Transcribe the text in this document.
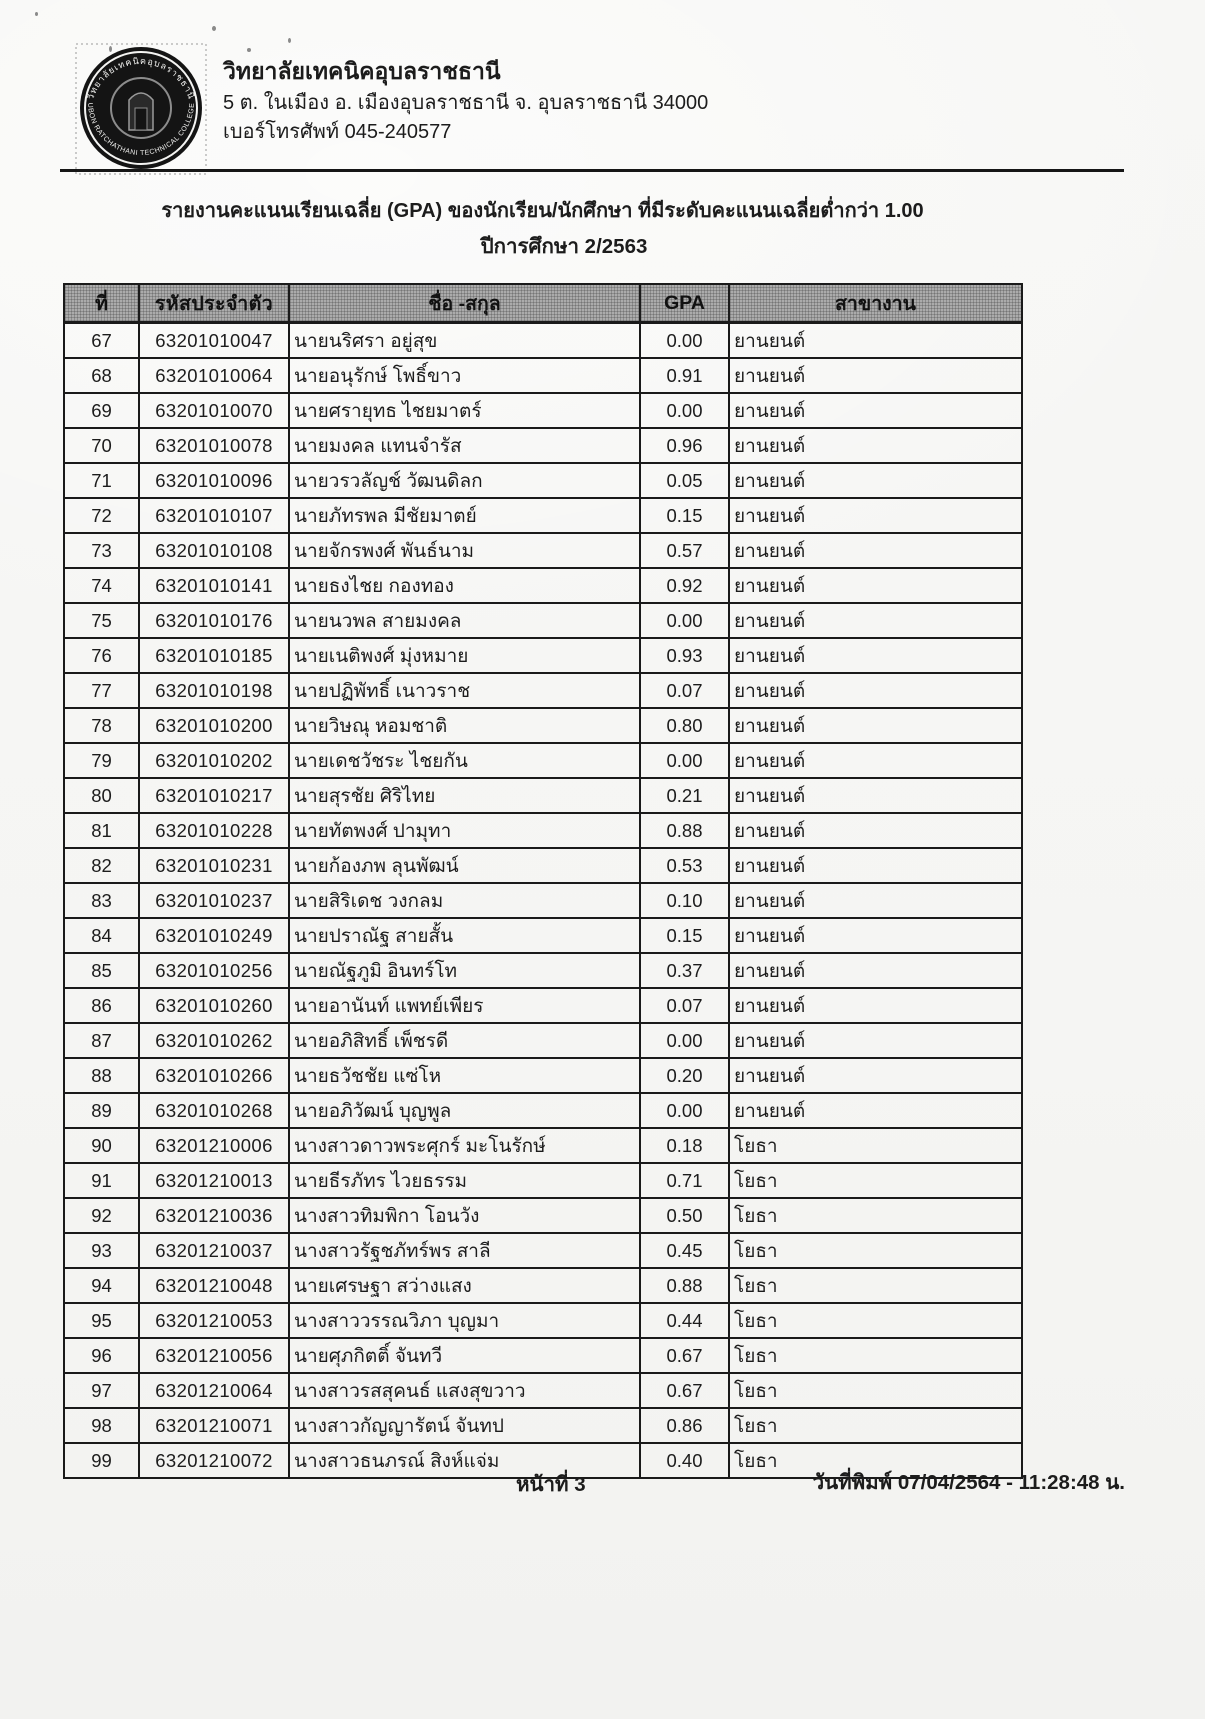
วิทยาลัยเทคนิคอุบลราชธานี
UBON RATCHATHANI TECHNICAL COLLEGE

วิทยาลัยเทคนิคอุบลราชธานี

5 ต. ในเมือง อ. เมืองอุบลราชธานี จ. อุบลราชธานี 34000

เบอร์โทรศัพท์ 045-240577

รายงานคะแนนเรียนเฉลี่ย (GPA) ของนักเรียน/นักศึกษา ที่มีระดับคะแนนเฉลี่ยต่ำกว่า 1.00
ปีการศึกษา 2/2563
ที่	รหัสประจำตัว	ชื่อ -สกุล	GPA	สาขางาน
67	63201010047	นายนริศรา อยู่สุข	0.00	ยานยนต์
68	63201010064	นายอนุรักษ์ โพธิ์ขาว	0.91	ยานยนต์
69	63201010070	นายศรายุทธ ไชยมาตร์	0.00	ยานยนต์
70	63201010078	นายมงคล แทนจำรัส	0.96	ยานยนต์
71	63201010096	นายวรวลัญช์ วัฒนดิลก	0.05	ยานยนต์
72	63201010107	นายภัทรพล มีชัยมาตย์	0.15	ยานยนต์
73	63201010108	นายจักรพงศ์ พันธ์นาม	0.57	ยานยนต์
74	63201010141	นายธงไชย กองทอง	0.92	ยานยนต์
75	63201010176	นายนวพล สายมงคล	0.00	ยานยนต์
76	63201010185	นายเนติพงศ์ มุ่งหมาย	0.93	ยานยนต์
77	63201010198	นายปฏิพัทธิ์ เนาวราช	0.07	ยานยนต์
78	63201010200	นายวิษณุ หอมชาติ	0.80	ยานยนต์
79	63201010202	นายเดชวัชระ ไชยกัน	0.00	ยานยนต์
80	63201010217	นายสุรชัย ศิริไทย	0.21	ยานยนต์
81	63201010228	นายทัตพงศ์ ปามุทา	0.88	ยานยนต์
82	63201010231	นายก้องภพ ลุนพัฒน์	0.53	ยานยนต์
83	63201010237	นายสิริเดช วงกลม	0.10	ยานยนต์
84	63201010249	นายปราณัฐ สายสั้น	0.15	ยานยนต์
85	63201010256	นายณัฐภูมิ อินทร์โท	0.37	ยานยนต์
86	63201010260	นายอานันท์ แพทย์เพียร	0.07	ยานยนต์
87	63201010262	นายอภิสิทธิ์ เพ็ชรดี	0.00	ยานยนต์
88	63201010266	นายธวัชชัย แซ่โห	0.20	ยานยนต์
89	63201010268	นายอภิวัฒน์ บุญพูล	0.00	ยานยนต์
90	63201210006	นางสาวดาวพระศุกร์ มะโนรักษ์	0.18	โยธา
91	63201210013	นายธีรภัทร ไวยธรรม	0.71	โยธา
92	63201210036	นางสาวทิมพิกา โอนวัง	0.50	โยธา
93	63201210037	นางสาวรัฐชภัทร์พร สาลี	0.45	โยธา
94	63201210048	นายเศรษฐา สว่างแสง	0.88	โยธา
95	63201210053	นางสาววรรณวิภา บุญมา	0.44	โยธา
96	63201210056	นายศุภกิตติ์ จันทวี	0.67	โยธา
97	63201210064	นางสาวรสสุคนธ์ แสงสุขวาว	0.67	โยธา
98	63201210071	นางสาวกัญญารัตน์ จันทป	0.86	โยธา
99	63201210072	นางสาวธนภรณ์ สิงห์แจ่ม	0.40	โยธา
หน้าที่ 3	วันที่พิมพ์ 07/04/2564 - 11:28:48 น.
